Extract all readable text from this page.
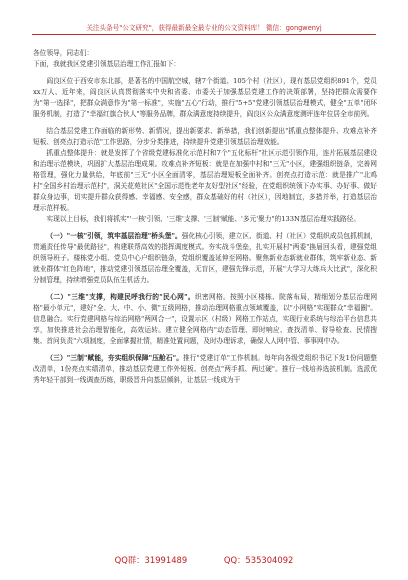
关注头条号"公文研究"，获得最新最全最专业的公文资料库！ 微信：gongwenyj

各位领导，同志们：

下面，我就我区党建引领基层治理工作汇报如下：

阎良区位于西安市东北部，是著名的中国航空城，辖7个街道、105个村（社区），现有基层党组织891个，党员xx万人、近年来，阎良区认真贯彻落实中央和省委、市委关于加强基层党建工作的决策部署，坚持把群众需要作为"第一选择"，把群众满意作为"第一标准"，实施"五心"行动，推行"5+5"党建引领基层治理模式，健全"五单"闭环服务机制，打造了"幸福红旗合伙人"等服务品牌，群众满意度持续提升，阎良区公众满意度测评连年位居全市前列。

结合基层党建工作面临的新形势、新情况，提出新要求、新举措，我们创新提出"抓重点整体提升、攻难点补齐短板、创亮点打造示范"工作思路，分步分类推进，持续提升党建引领基层治理效能。

抓重点整体提升：就是发挥了个省级党建标准化示范村和7个"五化标杆"社区示范引领作用，连片拓展基层建设和治理示范模块，巩固扩大基层治理成果。攻难点补齐短板：就是在加强中村和"三无"小区，建强组织链条，完善网格管理，强化力量供给，年底前"三无"小区全面清零，基层治理短板全面补齐。创亮点打造示范：就是推广"北鸡村"全国乡村治理示范村"，洞关花苑社区"全国示范性老年友好型社区"经验，在党组织统领下办实事、办好事、做好群众身边事，切实提升群众获得感、幸福感、安全感，群众基础好的村（社区），因地制宜，多措并举，打造基层治理示范样板。

实现以上目标，我们将抓实"'一核'引领、'三维'支撑、'三制'赋能、'多元'聚力"的133N基层治理实践路径。

（一）"一核"引领，筑牢基层治理"桥头堡"。强化核心引领，建立区、街道、村（社区）党组织成员包抓机制，贯通责任传导"最优路径"，构建联帮高效的指挥调度模式。夯实战斗堡垒，扎实开展村"两委"换届回头看，建强党组织领导班子。楼栋党小组、党员中心户组织链条，党组织覆盖延伸至网格。聚焦新业态新就业群体，筑牢新业态、新就业群体"红色阵地"，推动党建引领基层治理全覆盖，无盲区，建强先锋示范，开展"大学习大练兵大比武"，深化积分制管理，持续增强党员队伍生机活力。

（二）"三维"支撑，构建民呼我行的"民心网"。织密网格。按照小区楼栋、院落布局，精细划分基层治理网格"最小单元"，建好"全、大、中、小、微"五级网格，推动治理网格重点领域覆盖，以"小网格"实现群众"幸福圈"。信息融合。实行党建网格与综治网格"两网合一"，设置示区（村级）网格工作站点，实现行业系统与综治平台信息共享，加快推进社会治理智能化，高效运转。建立健全网格内"动态管理、即时响应、查找清单、督导检查、民情搜集、首问负责"六项制度，全面掌握社情，精准处置问题，及时办理诉求，确保人人网中管、事事网中办。

（三）"三制"赋能，夯实组织保障"压舱石"。推行"党建订单"工作机制。每年向各级党组织书记下发1份问题整改清单，1份亮点实绩清单，推动基层党建工作外短板、创亮点"两手抓、两过硬"。推行一线培养选拔机制。选派优秀年轻干部到一线调查历练，职级晋升向基层倾斜，让基层一线成为干

QQ群：31991489	QQ：535304092
